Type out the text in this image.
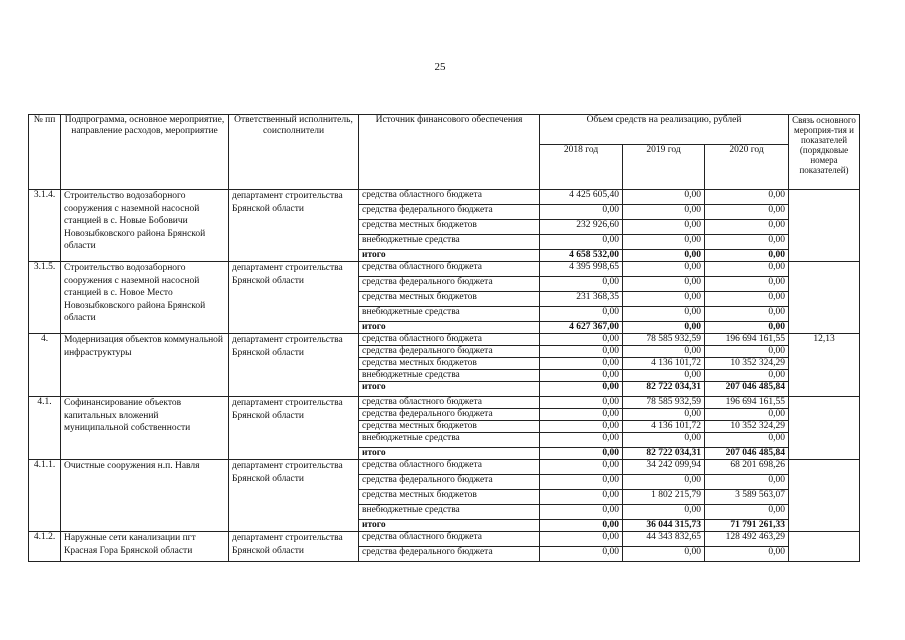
25
№ пп	Подпрограмма, основное мероприятие, направление расходов, мероприятие	Ответственный исполнитель, соисполнители	Источник финансового обеспечения	Объем средств на реализацию, рублей			Связь основного мероприя-тия и показателей (порядковые номера показателей)
				2018 год	2019 год	2020 год	
3.1.4.	Строительство водозаборного сооружения с наземной насосной станцией в с. Новые Бобовичи Новозыбковского района Брянской области	департамент строительства Брянской области	средства областного бюджета	4 425 605,40	0,00	0,00	
			средства федерального бюджета	0,00	0,00	0,00	
			средства местных бюджетов	232 926,60	0,00	0,00	
			внебюджетные средства	0,00	0,00	0,00	
			итого	4 658 532,00	0,00	0,00	
3.1.5.	Строительство водозаборного сооружения с наземной насосной станцией в с. Новое Место Новозыбковского района Брянской области	департамент строительства Брянской области	средства областного бюджета	4 395 998,65	0,00	0,00	
			средства федерального бюджета	0,00	0,00	0,00	
			средства местных бюджетов	231 368,35	0,00	0,00	
			внебюджетные средства	0,00	0,00	0,00	
			итого	4 627 367,00	0,00	0,00	
4.	Модернизация объектов коммунальной инфраструктуры	департамент строительства Брянской области	средства областного бюджета	0,00	78 585 932,59	196 694 161,55	12,13
			средства федерального бюджета	0,00	0,00	0,00	
			средства местных бюджетов	0,00	4 136 101,72	10 352 324,29	
			внебюджетные средства	0,00	0,00	0,00	
			итого	0,00	82 722 034,31	207 046 485,84	
4.1.	Софинансирование объектов капитальных вложений муниципальной собственности	департамент строительства Брянской области	средства областного бюджета	0,00	78 585 932,59	196 694 161,55	
			средства федерального бюджета	0,00	0,00	0,00	
			средства местных бюджетов	0,00	4 136 101,72	10 352 324,29	
			внебюджетные средства	0,00	0,00	0,00	
			итого	0,00	82 722 034,31	207 046 485,84	
4.1.1.	Очистные сооружения н.п. Навля	департамент строительства Брянской области	средства областного бюджета	0,00	34 242 099,94	68 201 698,26	
			средства федерального бюджета	0,00	0,00	0,00	
			средства местных бюджетов	0,00	1 802 215,79	3 589 563,07	
			внебюджетные средства	0,00	0,00	0,00	
			итого	0,00	36 044 315,73	71 791 261,33	
4.1.2.	Наружные сети канализации пгт Красная Гора Брянской области	департамент строительства Брянской области	средства областного бюджета	0,00	44 343 832,65	128 492 463,29	
			средства федерального бюджета	0,00	0,00	0,00	
